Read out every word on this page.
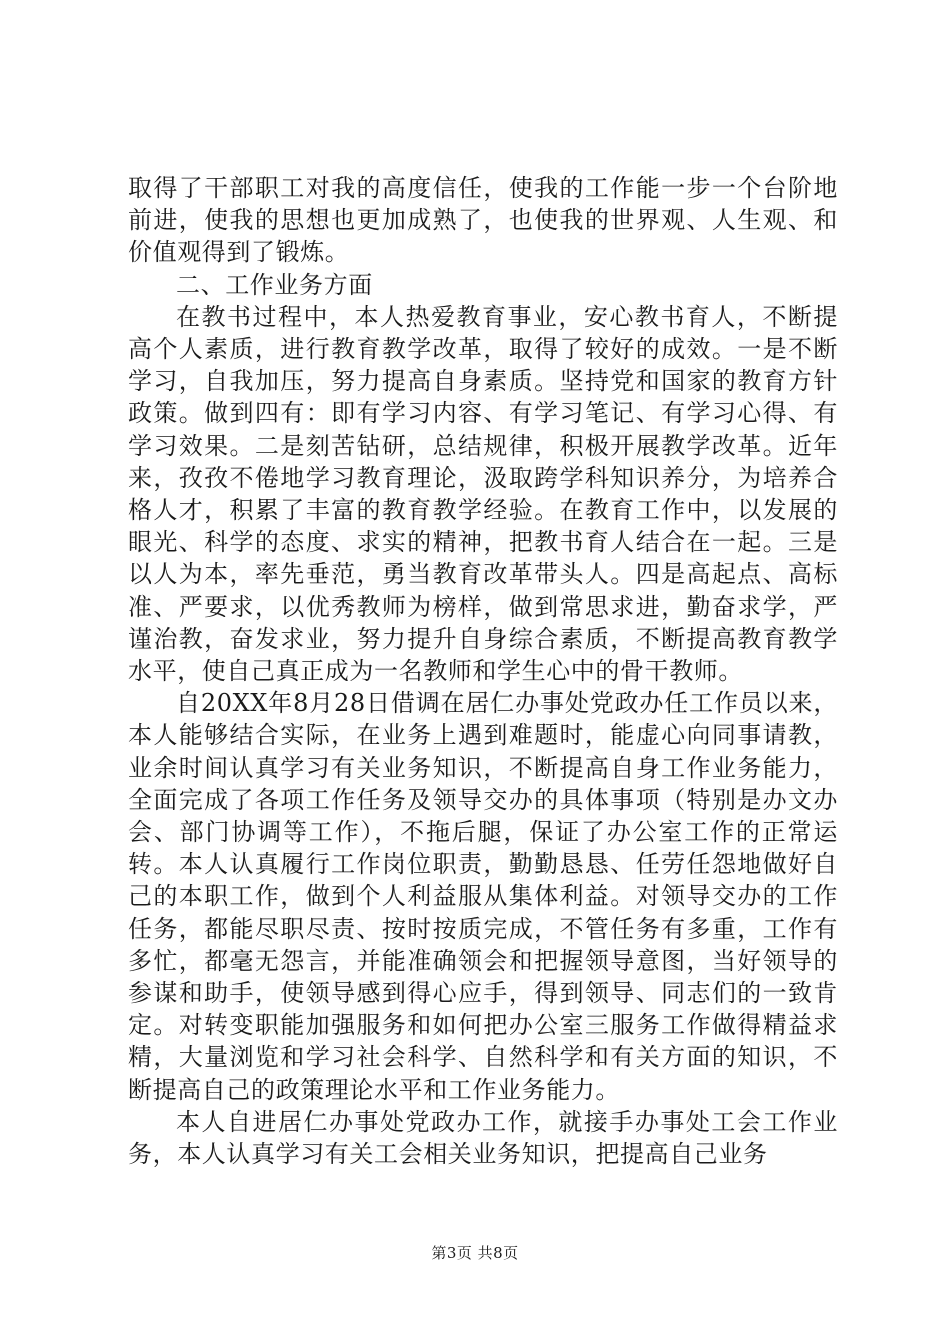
取得了干部职工对我的高度信任，使我的工作能一步一个台阶地前进，使我的思想也更加成熟了，也使我的世界观、人生观、和价值观得到了锻炼。

二、工作业务方面

在教书过程中，本人热爱教育事业，安心教书育人，不断提高个人素质，进行教育教学改革，取得了较好的成效。一是不断学习，自我加压，努力提高自身素质。坚持党和国家的教育方针政策。做到四有：即有学习内容、有学习笔记、有学习心得、有学习效果。二是刻苦钻研，总结规律，积极开展教学改革。近年来，孜孜不倦地学习教育理论，汲取跨学科知识养分，为培养合格人才，积累了丰富的教育教学经验。在教育工作中，以发展的眼光、科学的态度、求实的精神，把教书育人结合在一起。三是以人为本，率先垂范，勇当教育改革带头人。四是高起点、高标准、严要求，以优秀教师为榜样，做到常思求进，勤奋求学，严谨治教，奋发求业，努力提升自身综合素质，不断提高教育教学水平，使自己真正成为一名教师和学生心中的骨干教师。

自20XX年8月28日借调在居仁办事处党政办任工作员以来，本人能够结合实际，在业务上遇到难题时，能虚心向同事请教，业余时间认真学习有关业务知识，不断提高自身工作业务能力，全面完成了各项工作任务及领导交办的具体事项（特别是办文办会、部门协调等工作），不拖后腿，保证了办公室工作的正常运转。本人认真履行工作岗位职责，勤勤恳恳、任劳任怨地做好自己的本职工作，做到个人利益服从集体利益。对领导交办的工作任务，都能尽职尽责、按时按质完成，不管任务有多重，工作有多忙，都毫无怨言，并能准确领会和把握领导意图，当好领导的参谋和助手，使领导感到得心应手，得到领导、同志们的一致肯定。对转变职能加强服务和如何把办公室三服务工作做得精益求精，大量浏览和学习社会科学、自然科学和有关方面的知识，不断提高自己的政策理论水平和工作业务能力。

本人自进居仁办事处党政办工作，就接手办事处工会工作业务，本人认真学习有关工会相关业务知识，把提高自己业务

第3页 共8页
